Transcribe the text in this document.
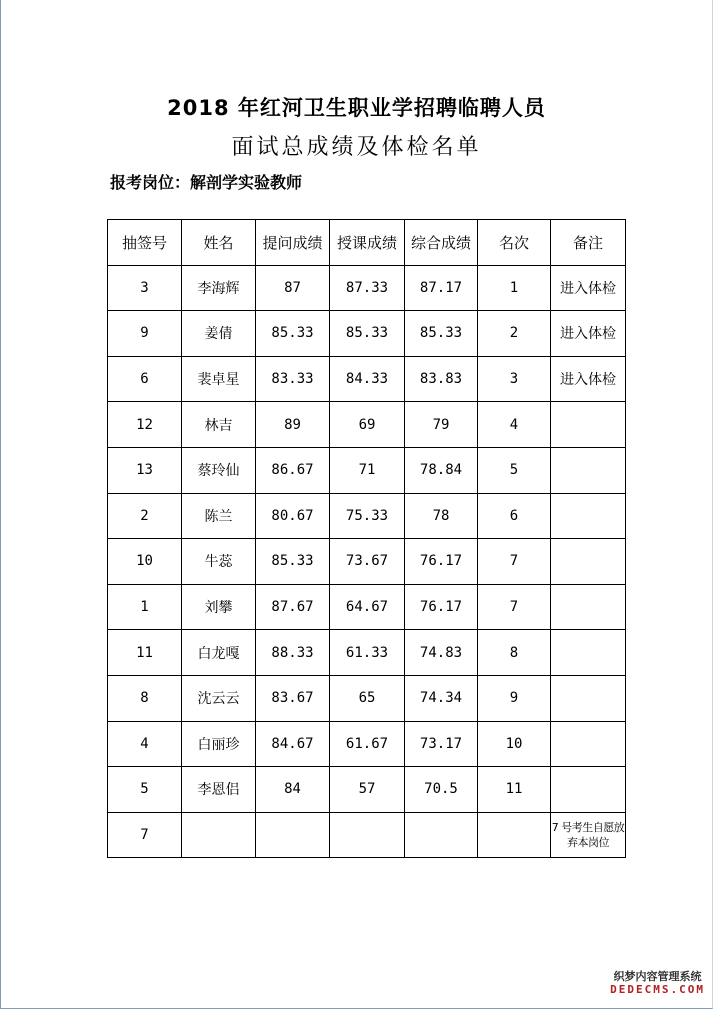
2018 年红河卫生职业学招聘临聘人员
面试总成绩及体检名单
报考岗位：解剖学实验教师
抽签号	姓名	提问成绩	授课成绩	综合成绩	名次	备注
3	李海辉	87	87.33	87.17	1	进入体检
9	姜倩	85.33	85.33	85.33	2	进入体检
6	裴卓星	83.33	84.33	83.83	3	进入体检
12	林吉	89	69	79	4	
13	蔡玲仙	86.67	71	78.84	5	
2	陈兰	80.67	75.33	78	6	
10	牛蕊	85.33	73.67	76.17	7	
1	刘攀	87.67	64.67	76.17	7	
11	白龙嘎	88.33	61.33	74.83	8	
8	沈云云	83.67	65	74.34	9	
4	白丽珍	84.67	61.67	73.17	10	
5	李恩侣	84	57	70.5	11	
7						7 号考生自愿放弃本岗位
织梦内容管理系统
DEDECMS.COM
